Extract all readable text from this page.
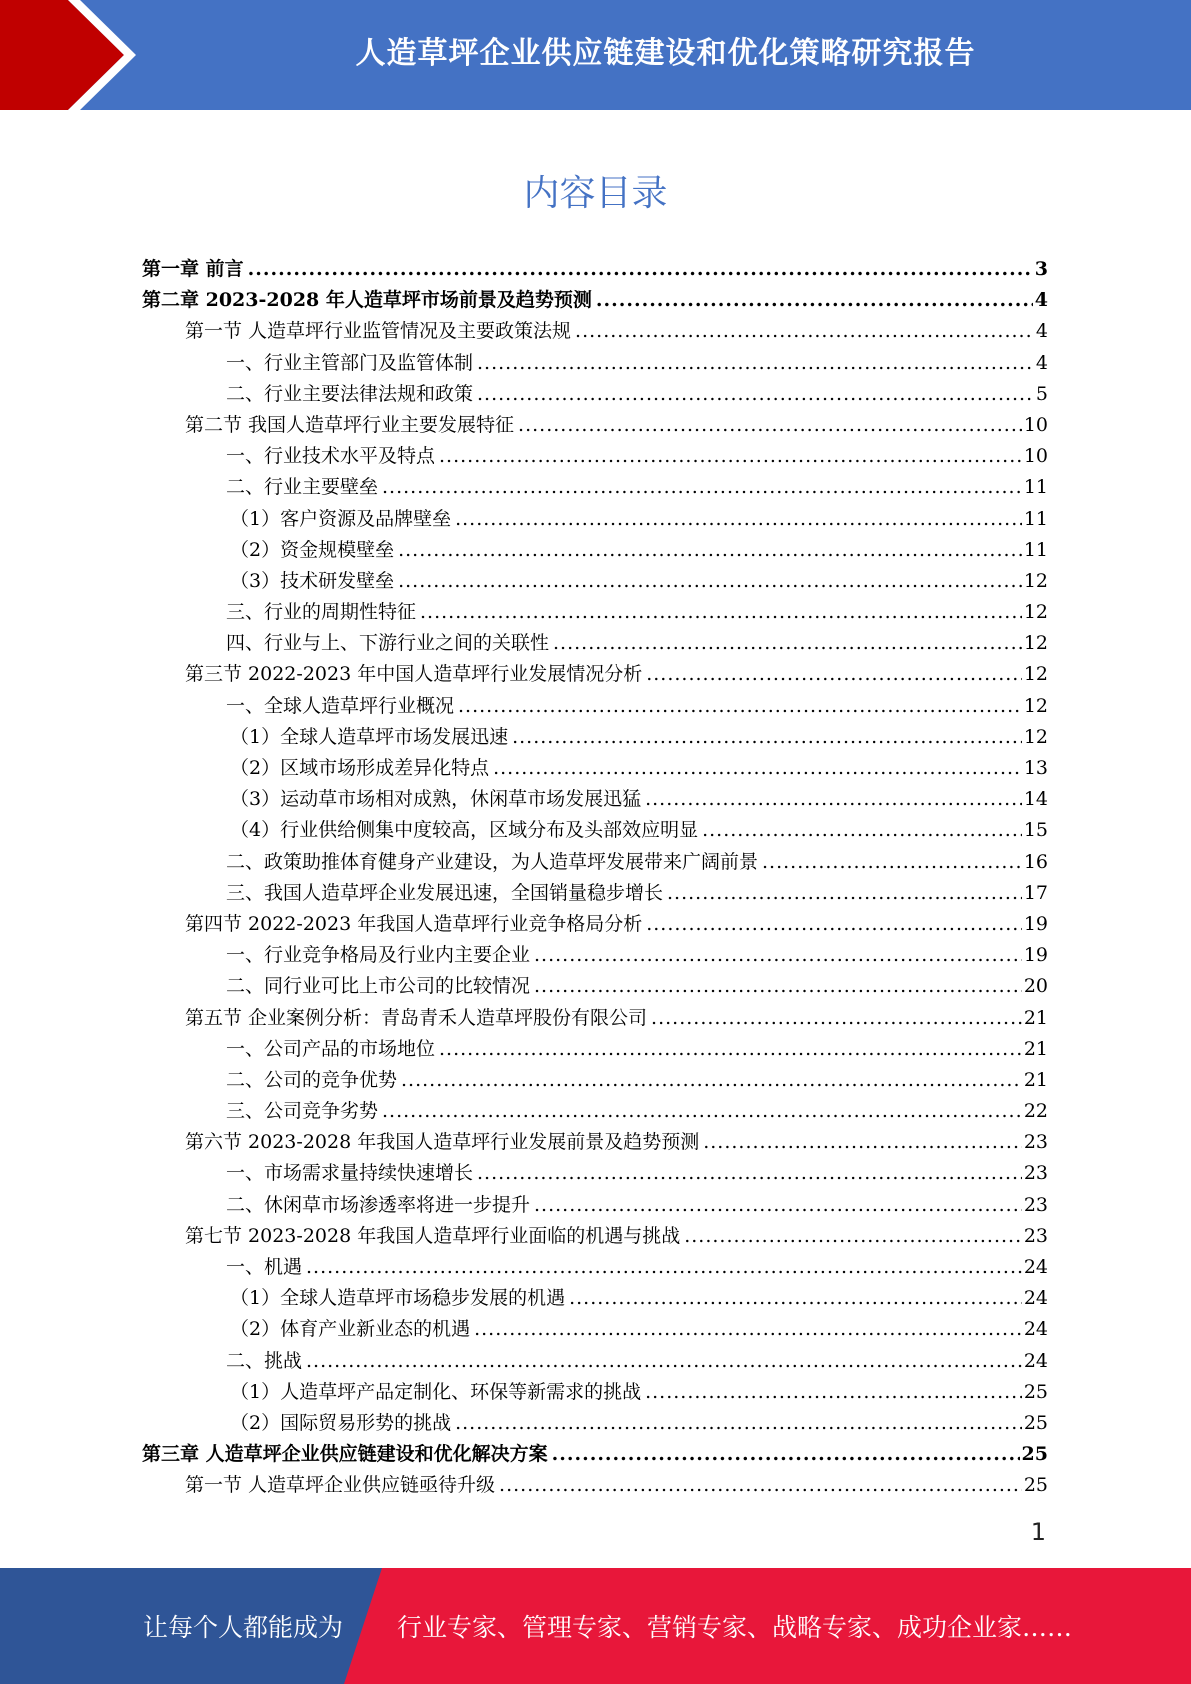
人造草坪企业供应链建设和优化策略研究报告
内容目录
第一章 前言 .....	3
第二章 2023-2028 年人造草坪市场前景及趋势预测 .....	4
第一节 人造草坪行业监管情况及主要政策法规 .....	4
一、行业主管部门及监管体制 .....	4
二、行业主要法律法规和政策 .....	5
第二节 我国人造草坪行业主要发展特征 .....	10
一、行业技术水平及特点 .....	10
二、行业主要壁垒 .....	11
（1）客户资源及品牌壁垒 .....	11
（2）资金规模壁垒 .....	11
（3）技术研发壁垒 .....	12
三、行业的周期性特征 .....	12
四、行业与上、下游行业之间的关联性 .....	12
第三节 2022-2023 年中国人造草坪行业发展情况分析 .....	12
一、全球人造草坪行业概况 .....	12
（1）全球人造草坪市场发展迅速 .....	12
（2）区域市场形成差异化特点 .....	13
（3）运动草市场相对成熟，休闲草市场发展迅猛 .....	14
（4）行业供给侧集中度较高，区域分布及头部效应明显 .....	15
二、政策助推体育健身产业建设，为人造草坪发展带来广阔前景 .....	16
三、我国人造草坪企业发展迅速，全国销量稳步增长 .....	17
第四节 2022-2023 年我国人造草坪行业竞争格局分析 .....	19
一、行业竞争格局及行业内主要企业 .....	19
二、同行业可比上市公司的比较情况 .....	20
第五节 企业案例分析：青岛青禾人造草坪股份有限公司 .....	21
一、公司产品的市场地位 .....	21
二、公司的竞争优势 .....	21
三、公司竞争劣势 .....	22
第六节 2023-2028 年我国人造草坪行业发展前景及趋势预测 .....	23
一、市场需求量持续快速增长 .....	23
二、休闲草市场渗透率将进一步提升 .....	23
第七节 2023-2028 年我国人造草坪行业面临的机遇与挑战 .....	23
一、机遇 .....	24
（1）全球人造草坪市场稳步发展的机遇 .....	24
（2）体育产业新业态的机遇 .....	24
二、挑战 .....	24
（1）人造草坪产品定制化、环保等新需求的挑战 .....	25
（2）国际贸易形势的挑战 .....	25
第三章 人造草坪企业供应链建设和优化解决方案 .....	25
第一节 人造草坪企业供应链亟待升级 .....	25
1
让每个人都能成为 行业专家、管理专家、营销专家、战略专家、成功企业家……
